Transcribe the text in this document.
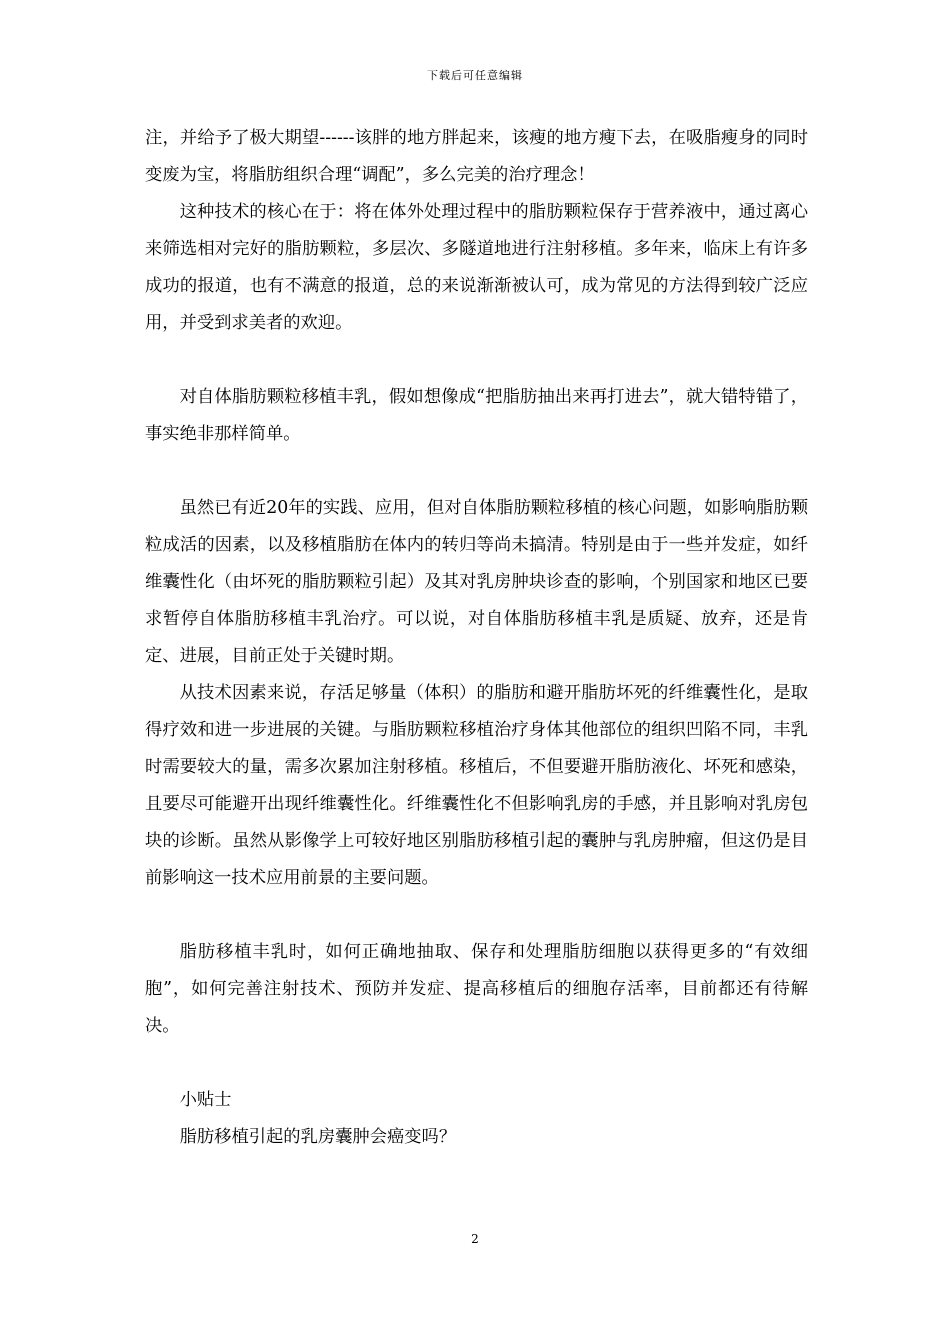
下载后可任意编辑

注，并给予了极大期望------该胖的地方胖起来，该瘦的地方瘦下去，在吸脂瘦身的同时变废为宝，将脂肪组织合理“调配”，多么完美的治疗理念！

这种技术的核心在于：将在体外处理过程中的脂肪颗粒保存于营养液中，通过离心来筛选相对完好的脂肪颗粒，多层次、多隧道地进行注射移植。多年来，临床上有许多成功的报道，也有不满意的报道，总的来说渐渐被认可，成为常见的方法得到较广泛应用，并受到求美者的欢迎。

对自体脂肪颗粒移植丰乳，假如想像成“把脂肪抽出来再打进去”，就大错特错了，事实绝非那样简单。

虽然已有近20年的实践、应用，但对自体脂肪颗粒移植的核心问题，如影响脂肪颗粒成活的因素，以及移植脂肪在体内的转归等尚未搞清。特别是由于一些并发症，如纤维囊性化（由坏死的脂肪颗粒引起）及其对乳房肿块诊查的影响，个别国家和地区已要求暂停自体脂肪移植丰乳治疗。可以说，对自体脂肪移植丰乳是质疑、放弃，还是肯定、进展，目前正处于关键时期。

从技术因素来说，存活足够量（体积）的脂肪和避开脂肪坏死的纤维囊性化，是取得疗效和进一步进展的关键。与脂肪颗粒移植治疗身体其他部位的组织凹陷不同，丰乳时需要较大的量，需多次累加注射移植。移植后，不但要避开脂肪液化、坏死和感染，且要尽可能避开出现纤维囊性化。纤维囊性化不但影响乳房的手感，并且影响对乳房包块的诊断。虽然从影像学上可较好地区别脂肪移植引起的囊肿与乳房肿瘤，但这仍是目前影响这一技术应用前景的主要问题。

脂肪移植丰乳时，如何正确地抽取、保存和处理脂肪细胞以获得更多的“有效细胞”，如何完善注射技术、预防并发症、提高移植后的细胞存活率，目前都还有待解决。

小贴士

脂肪移植引起的乳房囊肿会癌变吗？

2
